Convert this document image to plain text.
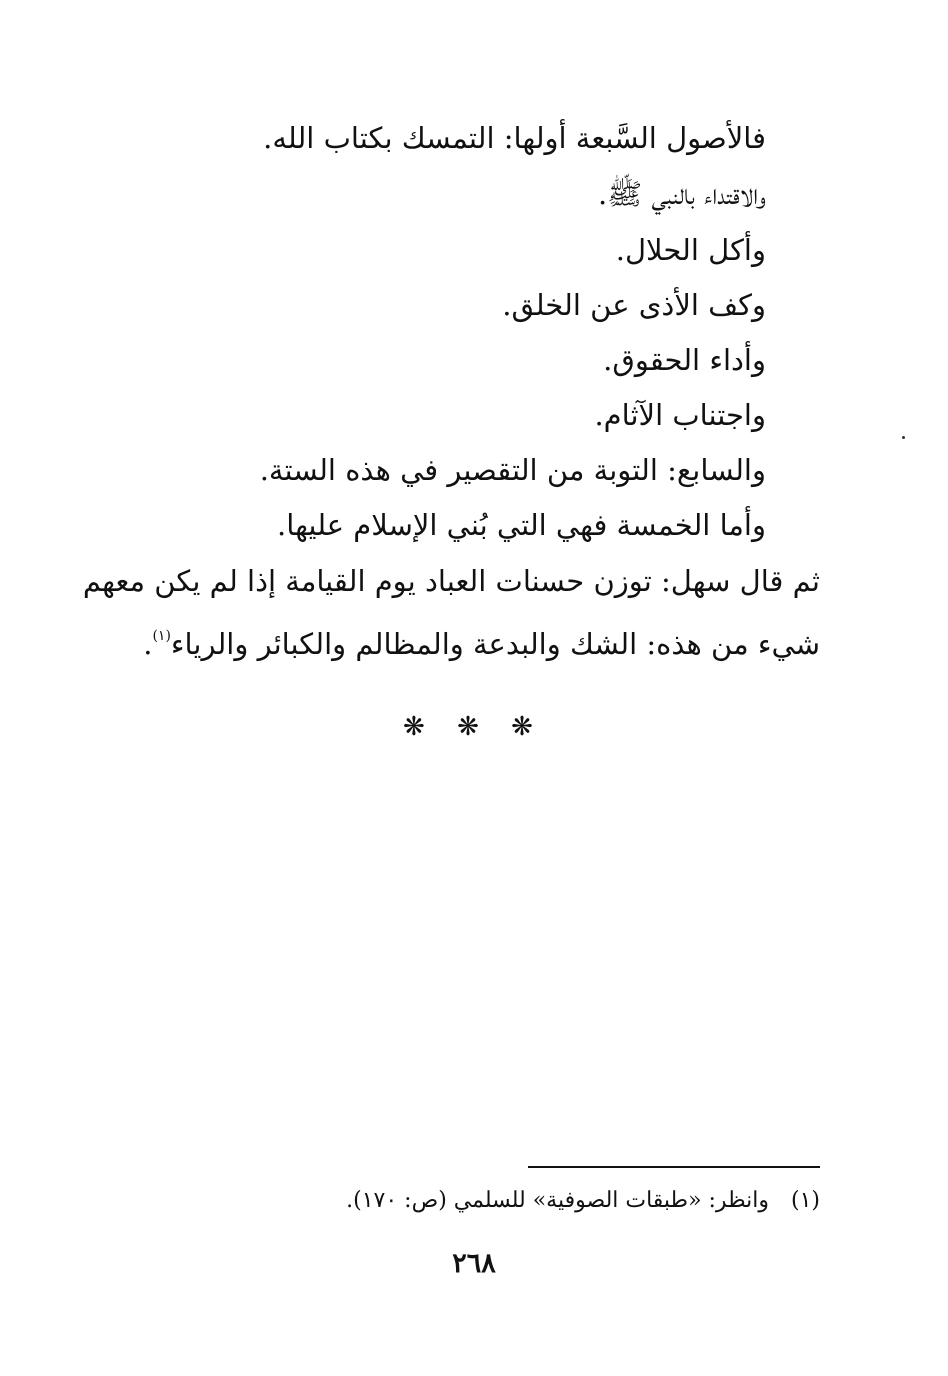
فالأصول السَّبعة أولها: التمسك بكتاب الله.
والاقتداء بالنبي ﷺ.
وأكل الحلال.
وكف الأذى عن الخلق.
وأداء الحقوق.
واجتناب الآثام.
والسابع: التوبة من التقصير في هذه الستة.
وأما الخمسة فهي التي بُني الإسلام عليها.
ثم قال سهل: توزن حسنات العباد يوم القيامة إذا لم يكن معهم
شيء من هذه: الشك والبدعة والمظالم والكبائر والرياء$^{(١)}$.
❋ ❋ ❋
(١)وانظر: «طبقات الصوفية» للسلمي (ص: ١٧٠).
٢٦٨
